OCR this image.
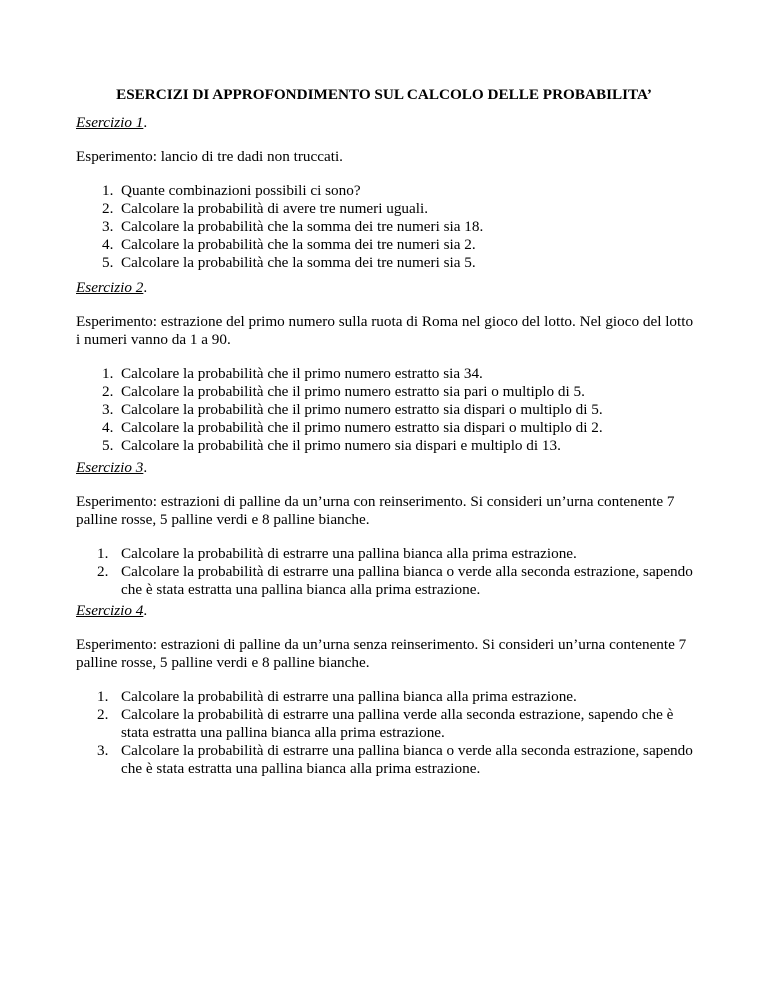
ESERCIZI DI APPROFONDIMENTO SUL CALCOLO DELLE PROBABILITA’

Esercizio 1.

Esperimento: lancio di tre dadi non truccati.

1. Quante combinazioni possibili ci sono?
2. Calcolare la probabilità di avere tre numeri uguali.
3. Calcolare la probabilità che la somma dei tre numeri sia 18.
4. Calcolare la probabilità che la somma dei tre numeri sia 2.
5. Calcolare la probabilità che la somma dei tre numeri sia 5.

Esercizio 2.

Esperimento: estrazione del primo numero sulla ruota di Roma nel gioco del lotto. Nel gioco del lotto i numeri vanno da 1 a 90.

1. Calcolare la probabilità che il primo numero estratto sia 34.
2. Calcolare la probabilità che il primo numero estratto sia pari o multiplo di 5.
3. Calcolare la probabilità che il primo numero estratto sia dispari o multiplo di 5.
4. Calcolare la probabilità che il primo numero estratto sia dispari o multiplo di 2.
5. Calcolare la probabilità che il primo numero sia dispari e multiplo di 13.

Esercizio 3.

Esperimento: estrazioni di palline da un’urna con reinserimento. Si consideri un’urna contenente 7 palline rosse, 5 palline verdi e 8 palline bianche.

1. Calcolare la probabilità di estrarre una pallina bianca alla prima estrazione.
2. Calcolare la probabilità di estrarre una pallina bianca o verde alla seconda estrazione, sapendo che è stata estratta una pallina bianca alla prima estrazione.

Esercizio 4.

Esperimento: estrazioni di palline da un’urna senza reinserimento. Si consideri un’urna contenente 7 palline rosse, 5 palline verdi e 8 palline bianche.

1. Calcolare la probabilità di estrarre una pallina bianca alla prima estrazione.
2. Calcolare la probabilità di estrarre una pallina verde alla seconda estrazione, sapendo che è stata estratta una pallina bianca alla prima estrazione.
3. Calcolare la probabilità di estrarre una pallina bianca o verde alla seconda estrazione, sapendo che è stata estratta una pallina bianca alla prima estrazione.
